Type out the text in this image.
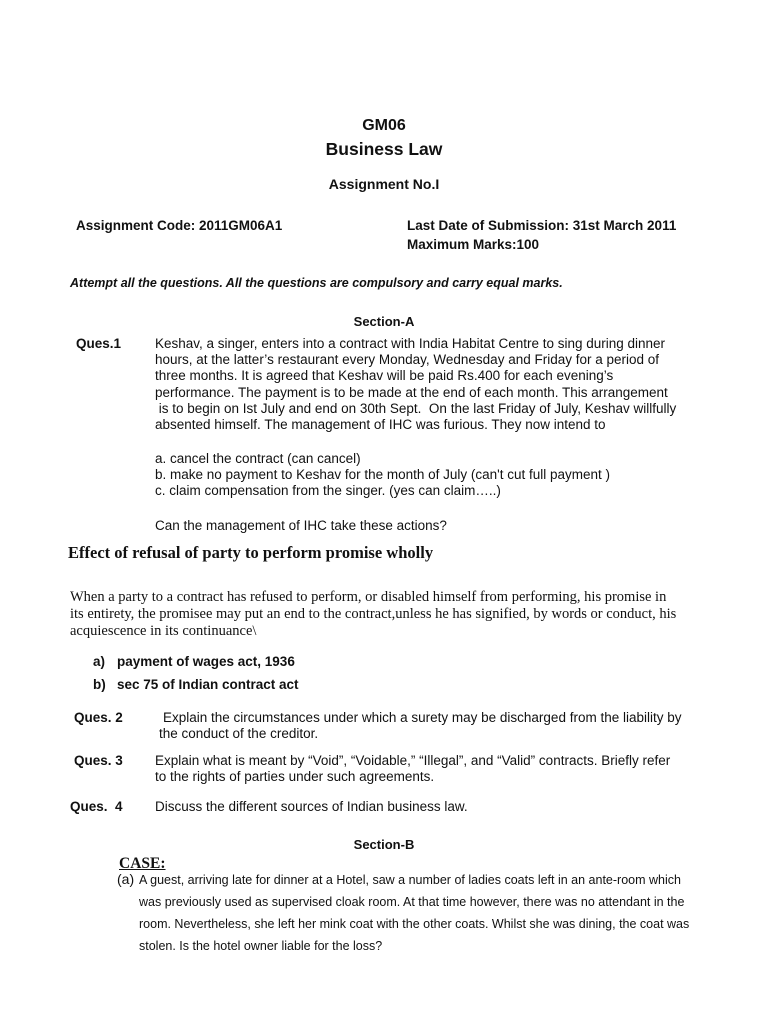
GM06
Business Law
Assignment No.I
Assignment Code: 2011GM06A1	Last Date of Submission: 31st March 2011
Maximum Marks:100
Attempt all the questions. All the questions are compulsory and carry equal marks.
Section-A
Ques.1	Keshav, a singer, enters into a contract with India Habitat Centre to sing during dinner
hours, at the latter’s restaurant every Monday, Wednesday and Friday for a period of
three months. It is agreed that Keshav will be paid Rs.400 for each evening’s
performance. The payment is to be made at the end of each month. This arrangement
is to begin on Ist July and end on 30th Sept.  On the last Friday of July, Keshav willfully
absented himself. The management of IHC was furious. They now intend to
a. cancel the contract (can cancel)
b. make no payment to Keshav for the month of July (can't cut full payment )
c. claim compensation from the singer. (yes can claim…..)
Can the management of IHC take these actions?
Effect of refusal of party to perform promise wholly
When a party to a contract has refused to perform, or disabled himself from performing, his promise in
its entirety, the promisee may put an end to the contract,unless he has signified, by words or conduct, his
acquiescence in its continuance\
a) payment of wages act, 1936
b) sec 75 of Indian contract act
Ques. 2	Explain the circumstances under which a surety may be discharged from the liability by
the conduct of the creditor.
Ques. 3 Explain what is meant by “Void”, “Voidable,” “Illegal”, and “Valid” contracts. Briefly refer
to the rights of parties under such agreements.
Ques.  4 Discuss the different sources of Indian business law.
Section-B
CASE:
(a) A guest, arriving late for dinner at a Hotel, saw a number of ladies coats left in an ante-room which
was previously used as supervised cloak room. At that time however, there was no attendant in the
room. Nevertheless, she left her mink coat with the other coats. Whilst she was dining, the coat was
stolen. Is the hotel owner liable for the loss?
